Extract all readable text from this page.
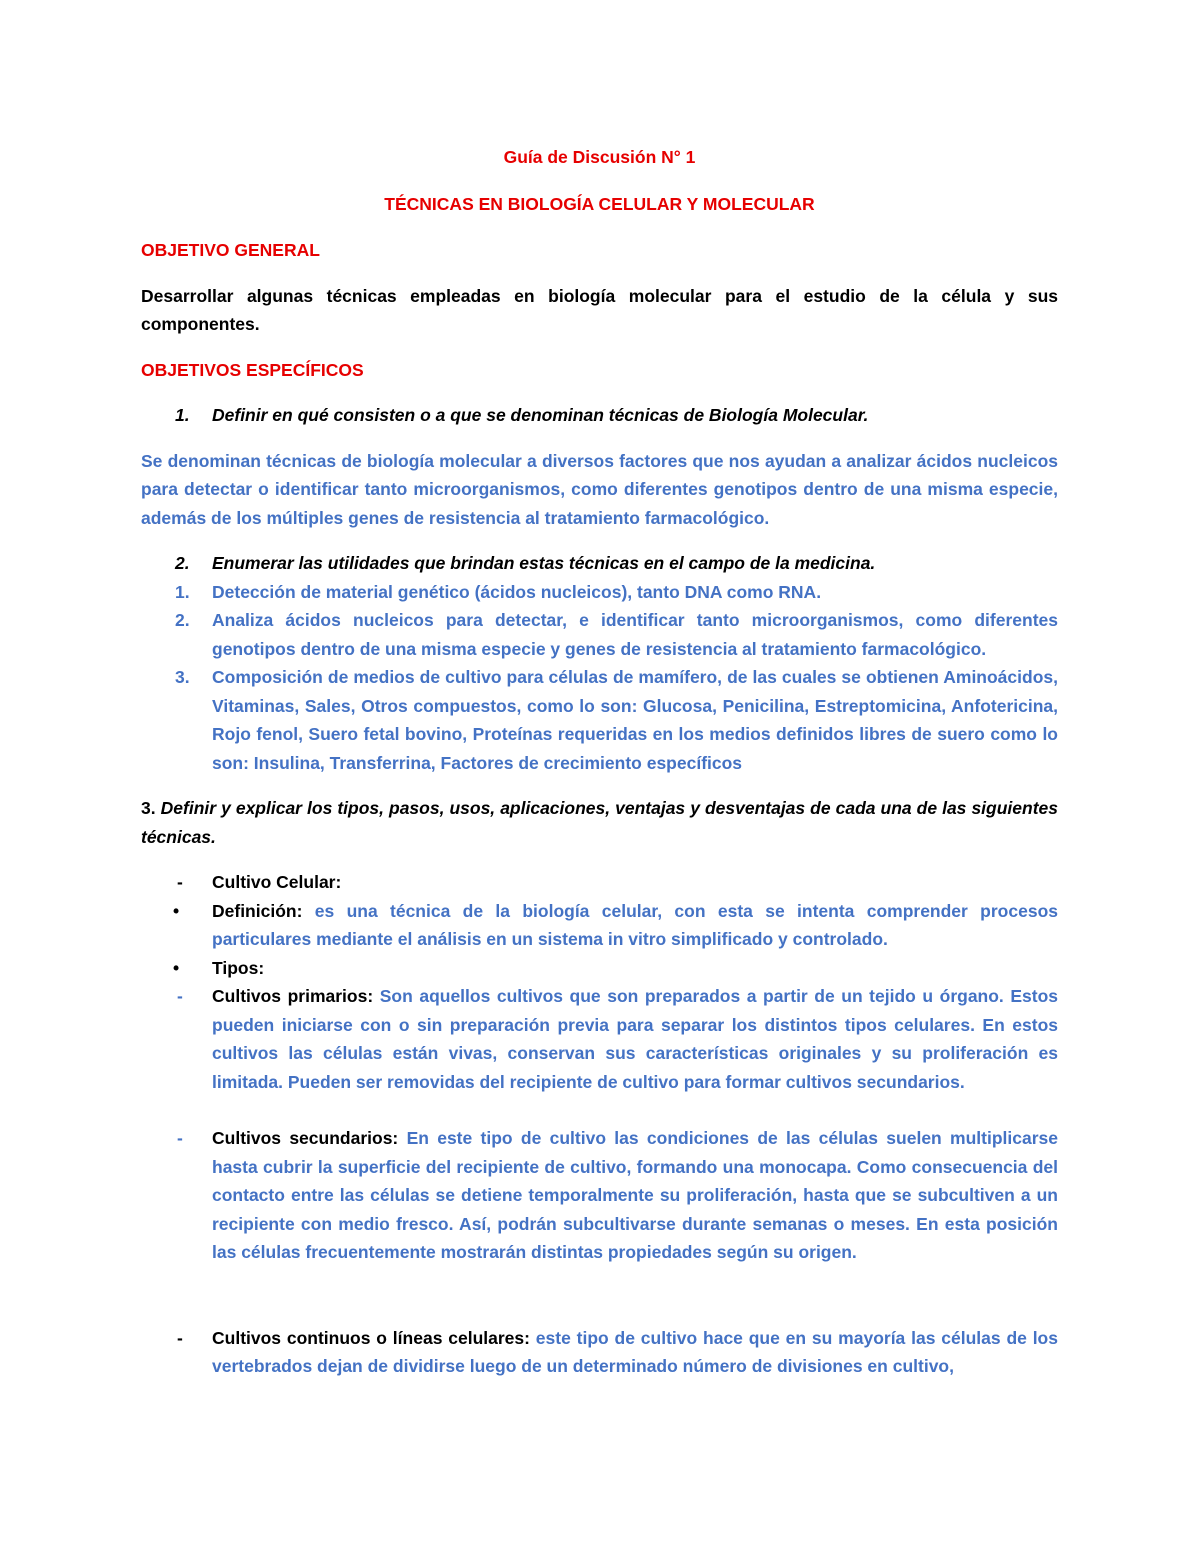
Guía de Discusión N° 1

TÉCNICAS EN BIOLOGÍA CELULAR Y MOLECULAR

OBJETIVO GENERAL

Desarrollar algunas técnicas empleadas en biología molecular para el estudio de la célula y sus componentes.

OBJETIVOS ESPECÍFICOS

1.	Definir en qué consisten o a que se denominan técnicas de Biología Molecular.

Se denominan técnicas de biología molecular a diversos factores que nos ayudan a analizar ácidos nucleicos para detectar o identificar tanto microorganismos, como diferentes genotipos dentro de una misma especie, además de los múltiples genes de resistencia al tratamiento farmacológico.

2.	Enumerar las utilidades que brindan estas técnicas en el campo de la medicina.
1.	Detección de material genético (ácidos nucleicos), tanto DNA como RNA.
2.	Analiza ácidos nucleicos para detectar, e identificar tanto microorganismos, como diferentes genotipos dentro de una misma especie y genes de resistencia al tratamiento farmacológico.
3.	Composición de medios de cultivo para células de mamífero, de las cuales se obtienen Aminoácidos, Vitaminas, Sales, Otros compuestos, como lo son: Glucosa, Penicilina, Estreptomicina, Anfotericina, Rojo fenol, Suero fetal bovino, Proteínas requeridas en los medios definidos libres de suero como lo son: Insulina, Transferrina, Factores de crecimiento específicos

3. Definir y explicar los tipos, pasos, usos, aplicaciones, ventajas y desventajas de cada una de las siguientes técnicas.

-	Cultivo Celular:
•	Definición: es una técnica de la biología celular, con esta se intenta comprender procesos particulares mediante el análisis en un sistema in vitro simplificado y controlado.
•	Tipos:
-	Cultivos primarios: Son aquellos cultivos que son preparados a partir de un tejido u órgano. Estos pueden iniciarse con o sin preparación previa para separar los distintos tipos celulares. En estos cultivos las células están vivas, conservan sus características originales y su proliferación es limitada. Pueden ser removidas del recipiente de cultivo para formar cultivos secundarios.
-	Cultivos secundarios: En este tipo de cultivo las condiciones de las células suelen multiplicarse hasta cubrir la superficie del recipiente de cultivo, formando una monocapa. Como consecuencia del contacto entre las células se detiene temporalmente su proliferación, hasta que se subcultiven a un recipiente con medio fresco. Así, podrán subcultivarse durante semanas o meses. En esta posición las células frecuentemente mostrarán distintas propiedades según su origen.
-	Cultivos continuos o líneas celulares: este tipo de cultivo hace que en su mayoría las células de los vertebrados dejan de dividirse luego de un determinado número de divisiones en cultivo,
